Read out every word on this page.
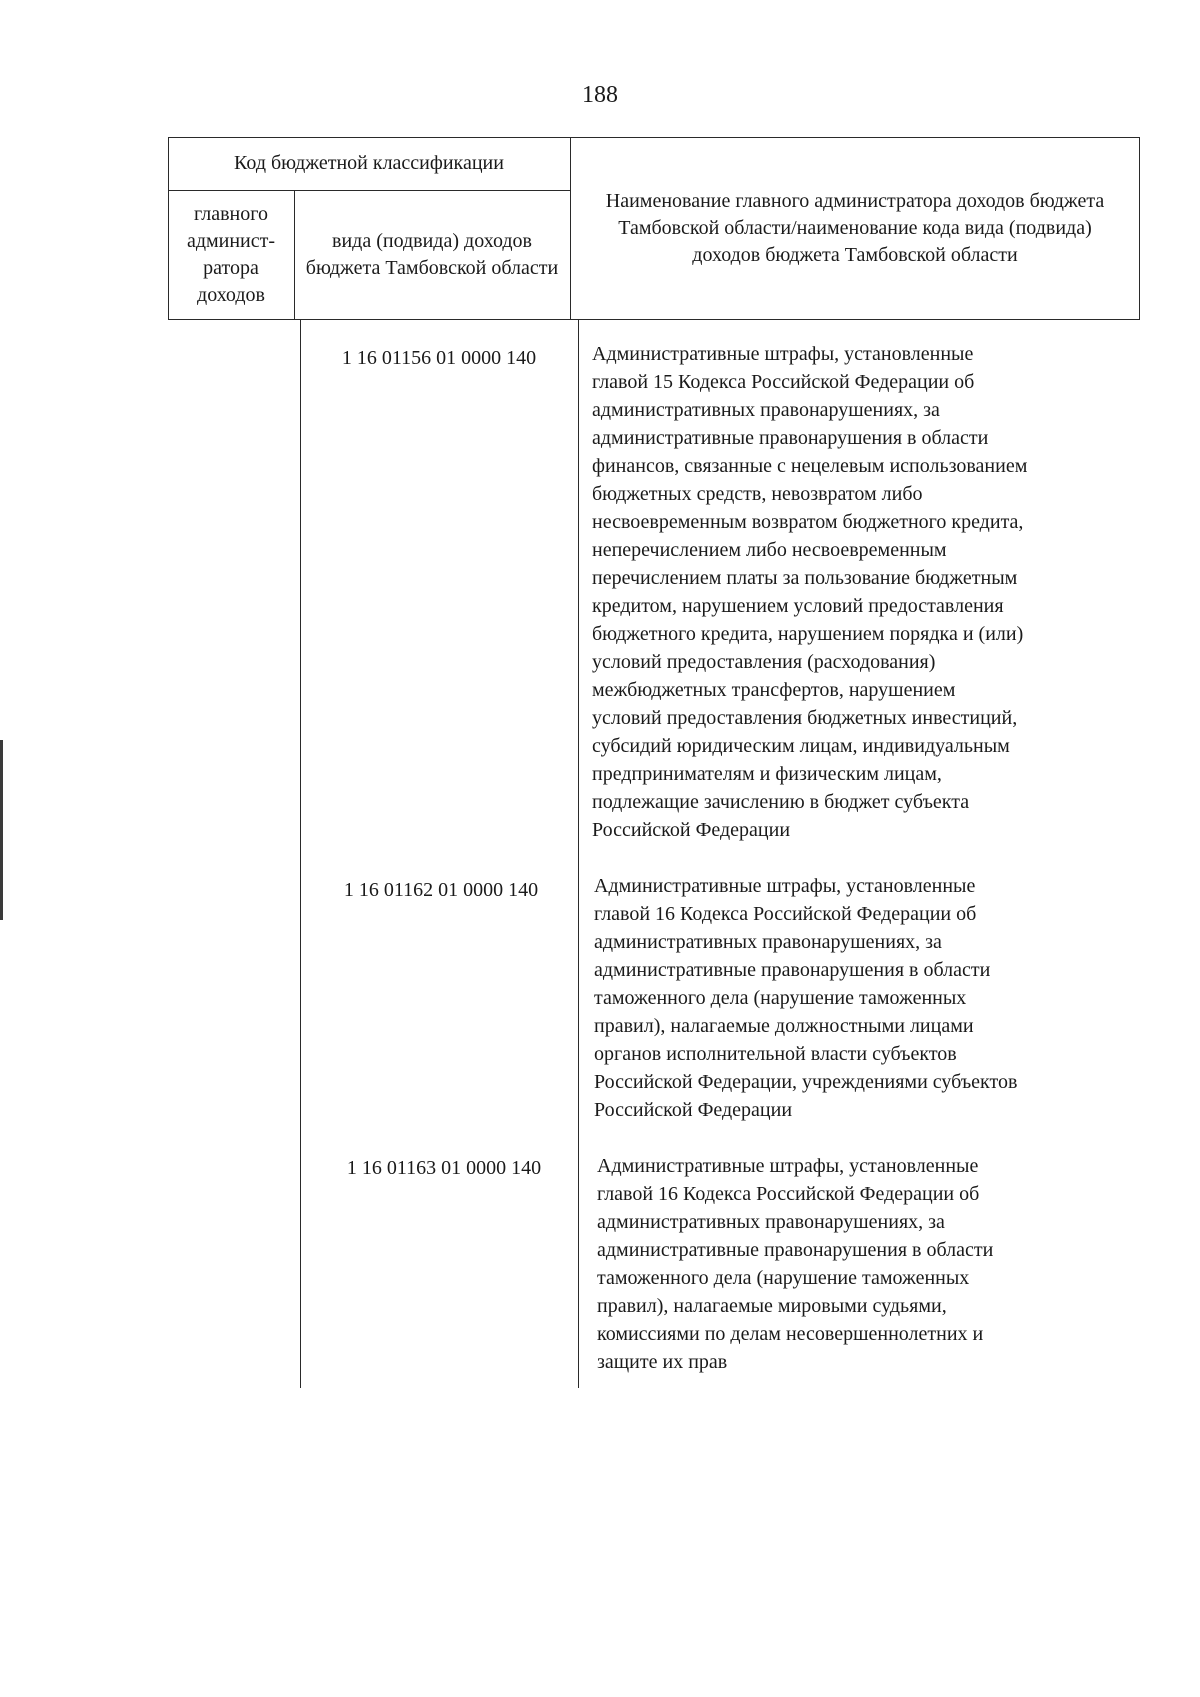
188
Код бюджетной классификации
главного админист-ратора доходов
вида (подвида) доходов бюджета Тамбовской области
Наименование главного администратора доходов бюджета Тамбовской области/наименование кода вида (подвида) доходов бюджета Тамбовской области
1 16 01156 01 0000 140	Административные штрафы, установленные
главой 15 Кодекса Российской Федерации об
административных правонарушениях, за
административные правонарушения в области
финансов, связанные с нецелевым использованием
бюджетных средств, невозвратом либо
несвоевременным возвратом бюджетного кредита,
неперечислением либо несвоевременным
перечислением платы за пользование бюджетным
кредитом, нарушением условий предоставления
бюджетного кредита, нарушением порядка и (или)
условий предоставления (расходования)
межбюджетных трансфертов, нарушением
условий предоставления бюджетных инвестиций,
субсидий юридическим лицам, индивидуальным
предпринимателям и физическим лицам,
подлежащие зачислению в бюджет субъекта
Российской Федерации
1 16 01162 01 0000 140	Административные штрафы, установленные
главой 16 Кодекса Российской Федерации об
административных правонарушениях, за
административные правонарушения в области
таможенного дела (нарушение таможенных
правил), налагаемые должностными лицами
органов исполнительной власти субъектов
Российской Федерации, учреждениями субъектов
Российской Федерации
1 16 01163 01 0000 140	Административные штрафы, установленные
главой 16 Кодекса Российской Федерации об
административных правонарушениях, за
административные правонарушения в области
таможенного дела (нарушение таможенных
правил), налагаемые мировыми судьями,
комиссиями по делам несовершеннолетних и
защите их прав
